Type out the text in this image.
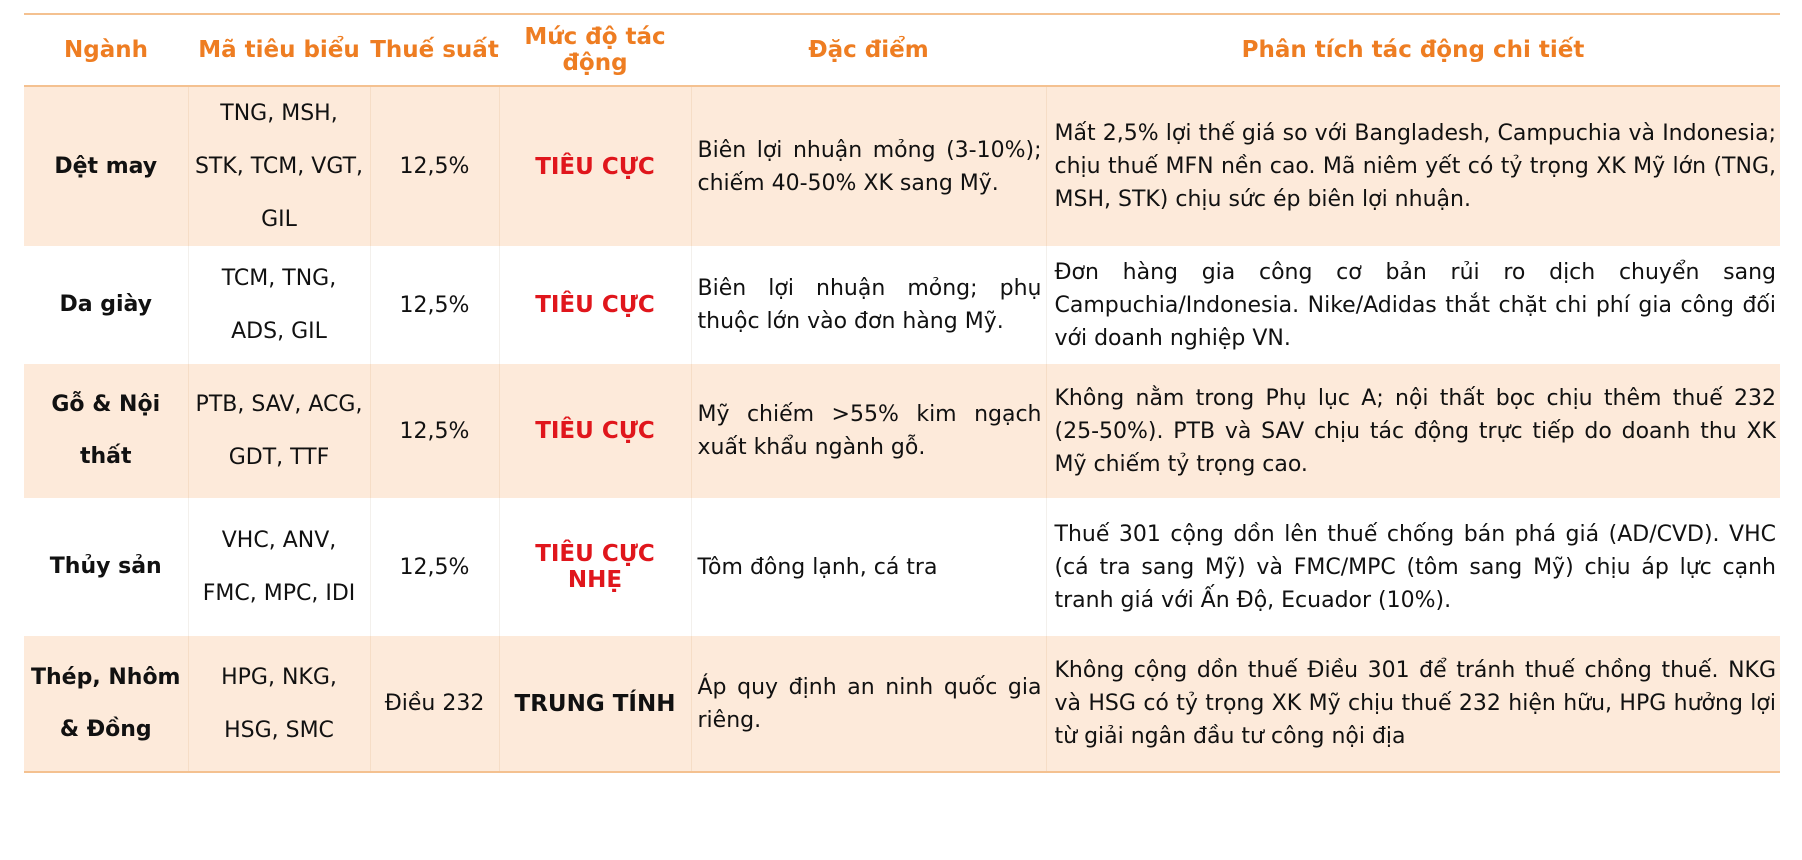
Ngành	Mã tiêu biểu	Thuế suất	Mức độ tác động	Đặc điểm	Phân tích tác động chi tiết
Dệt may	TNG, MSH, STK, TCM, VGT, GIL	12,5%	TIÊU CỰC	Biên lợi nhuận mỏng (3-10%); chiếm 40-50% XK sang Mỹ.	Mất 2,5% lợi thế giá so với Bangladesh, Campuchia và Indonesia; chịu thuế MFN nền cao. Mã niêm yết có tỷ trọng XK Mỹ lớn (TNG, MSH, STK) chịu sức ép biên lợi nhuận.
Da giày	TCM, TNG, ADS, GIL	12,5%	TIÊU CỰC	Biên lợi nhuận mỏng; phụ thuộc lớn vào đơn hàng Mỹ.	Đơn hàng gia công cơ bản rủi ro dịch chuyển sang Campuchia/Indonesia. Nike/Adidas thắt chặt chi phí gia công đối với doanh nghiệp VN.
Gỗ & Nội thất	PTB, SAV, ACG, GDT, TTF	12,5%	TIÊU CỰC	Mỹ chiếm >55% kim ngạch xuất khẩu ngành gỗ.	Không nằm trong Phụ lục A; nội thất bọc chịu thêm thuế 232 (25-50%). PTB và SAV chịu tác động trực tiếp do doanh thu XK Mỹ chiếm tỷ trọng cao.
Thủy sản	VHC, ANV, FMC, MPC, IDI	12,5%	TIÊU CỰC NHẸ	Tôm đông lạnh, cá tra	Thuế 301 cộng dồn lên thuế chống bán phá giá (AD/CVD). VHC (cá tra sang Mỹ) và FMC/MPC (tôm sang Mỹ) chịu áp lực cạnh tranh giá với Ấn Độ, Ecuador (10%).
Thép, Nhôm & Đồng	HPG, NKG, HSG, SMC	Điều 232	TRUNG TÍNH	Áp quy định an ninh quốc gia riêng.	Không cộng dồn thuế Điều 301 để tránh thuế chồng thuế. NKG và HSG có tỷ trọng XK Mỹ chịu thuế 232 hiện hữu, HPG hưởng lợi từ giải ngân đầu tư công nội địa
